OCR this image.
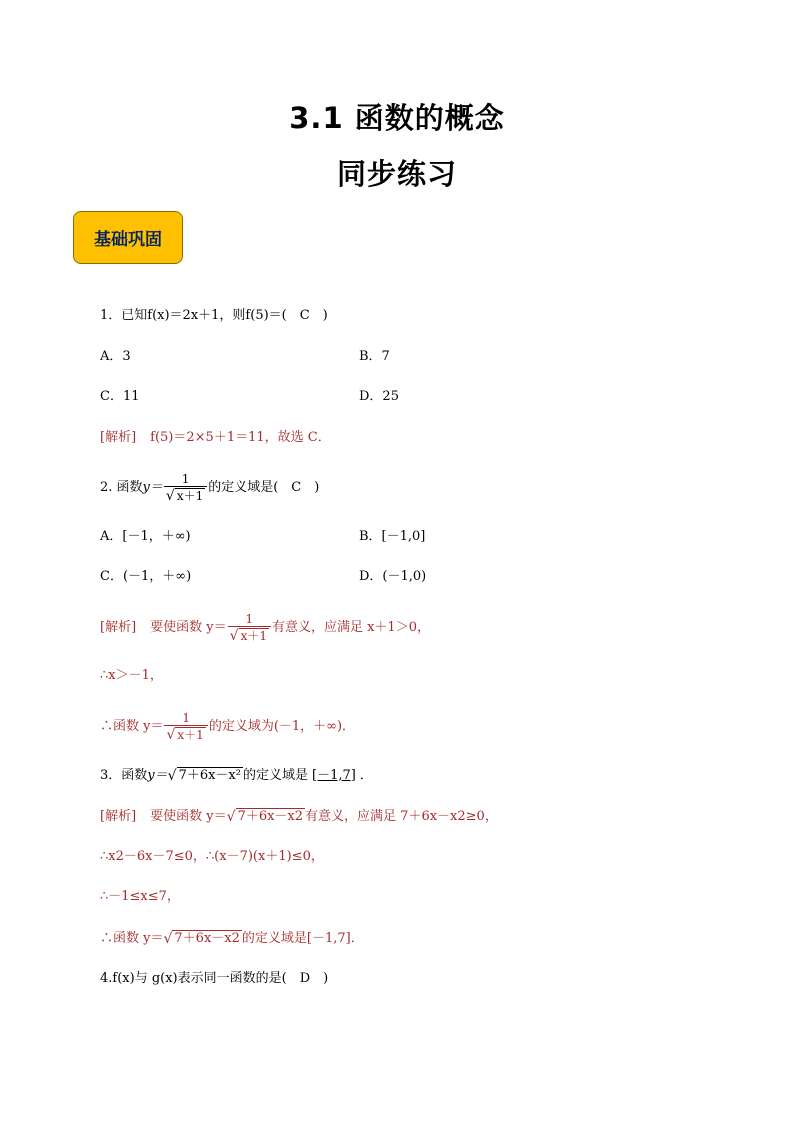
3.1 函数的概念
同步练习
基础巩固
1．已知f(x)＝2x＋1，则f(5)＝(　C　)
A．3	B．7
C．11	D．25
[解析] f(5)＝2×5＋1＝11，故选 C．
2. 函数 $y= \frac{1}{√ x+1}$ 的定义域是(　C　)
A．[－1，＋∞)	B．[－1,0]
C．(－1，＋∞)	D．(－1,0)
[解析] 要使函数 $y= \frac{1}{√ x+1}$ 有意义，应满足 x＋1＞0，
∴x＞－1，
∴函数 $y= \frac{1}{√ x+1}$ 的定义域为(－1，＋∞)．
3．函数 y＝ √ 7＋6x－x² 的定义域是 [－1,7] ．
[解析] 要使函数 y＝ √ 7＋6x－x2 有意义，应满足 7＋6x－x2≥0，
∴x2－6x－7≤0，∴(x－7)(x＋1)≤0，
∴－1≤x≤7，
∴函数 y＝ √ 7＋6x－x2 的定义域是[－1,7]．
4.f(x)与 g(x)表示同一函数的是(　D　)
